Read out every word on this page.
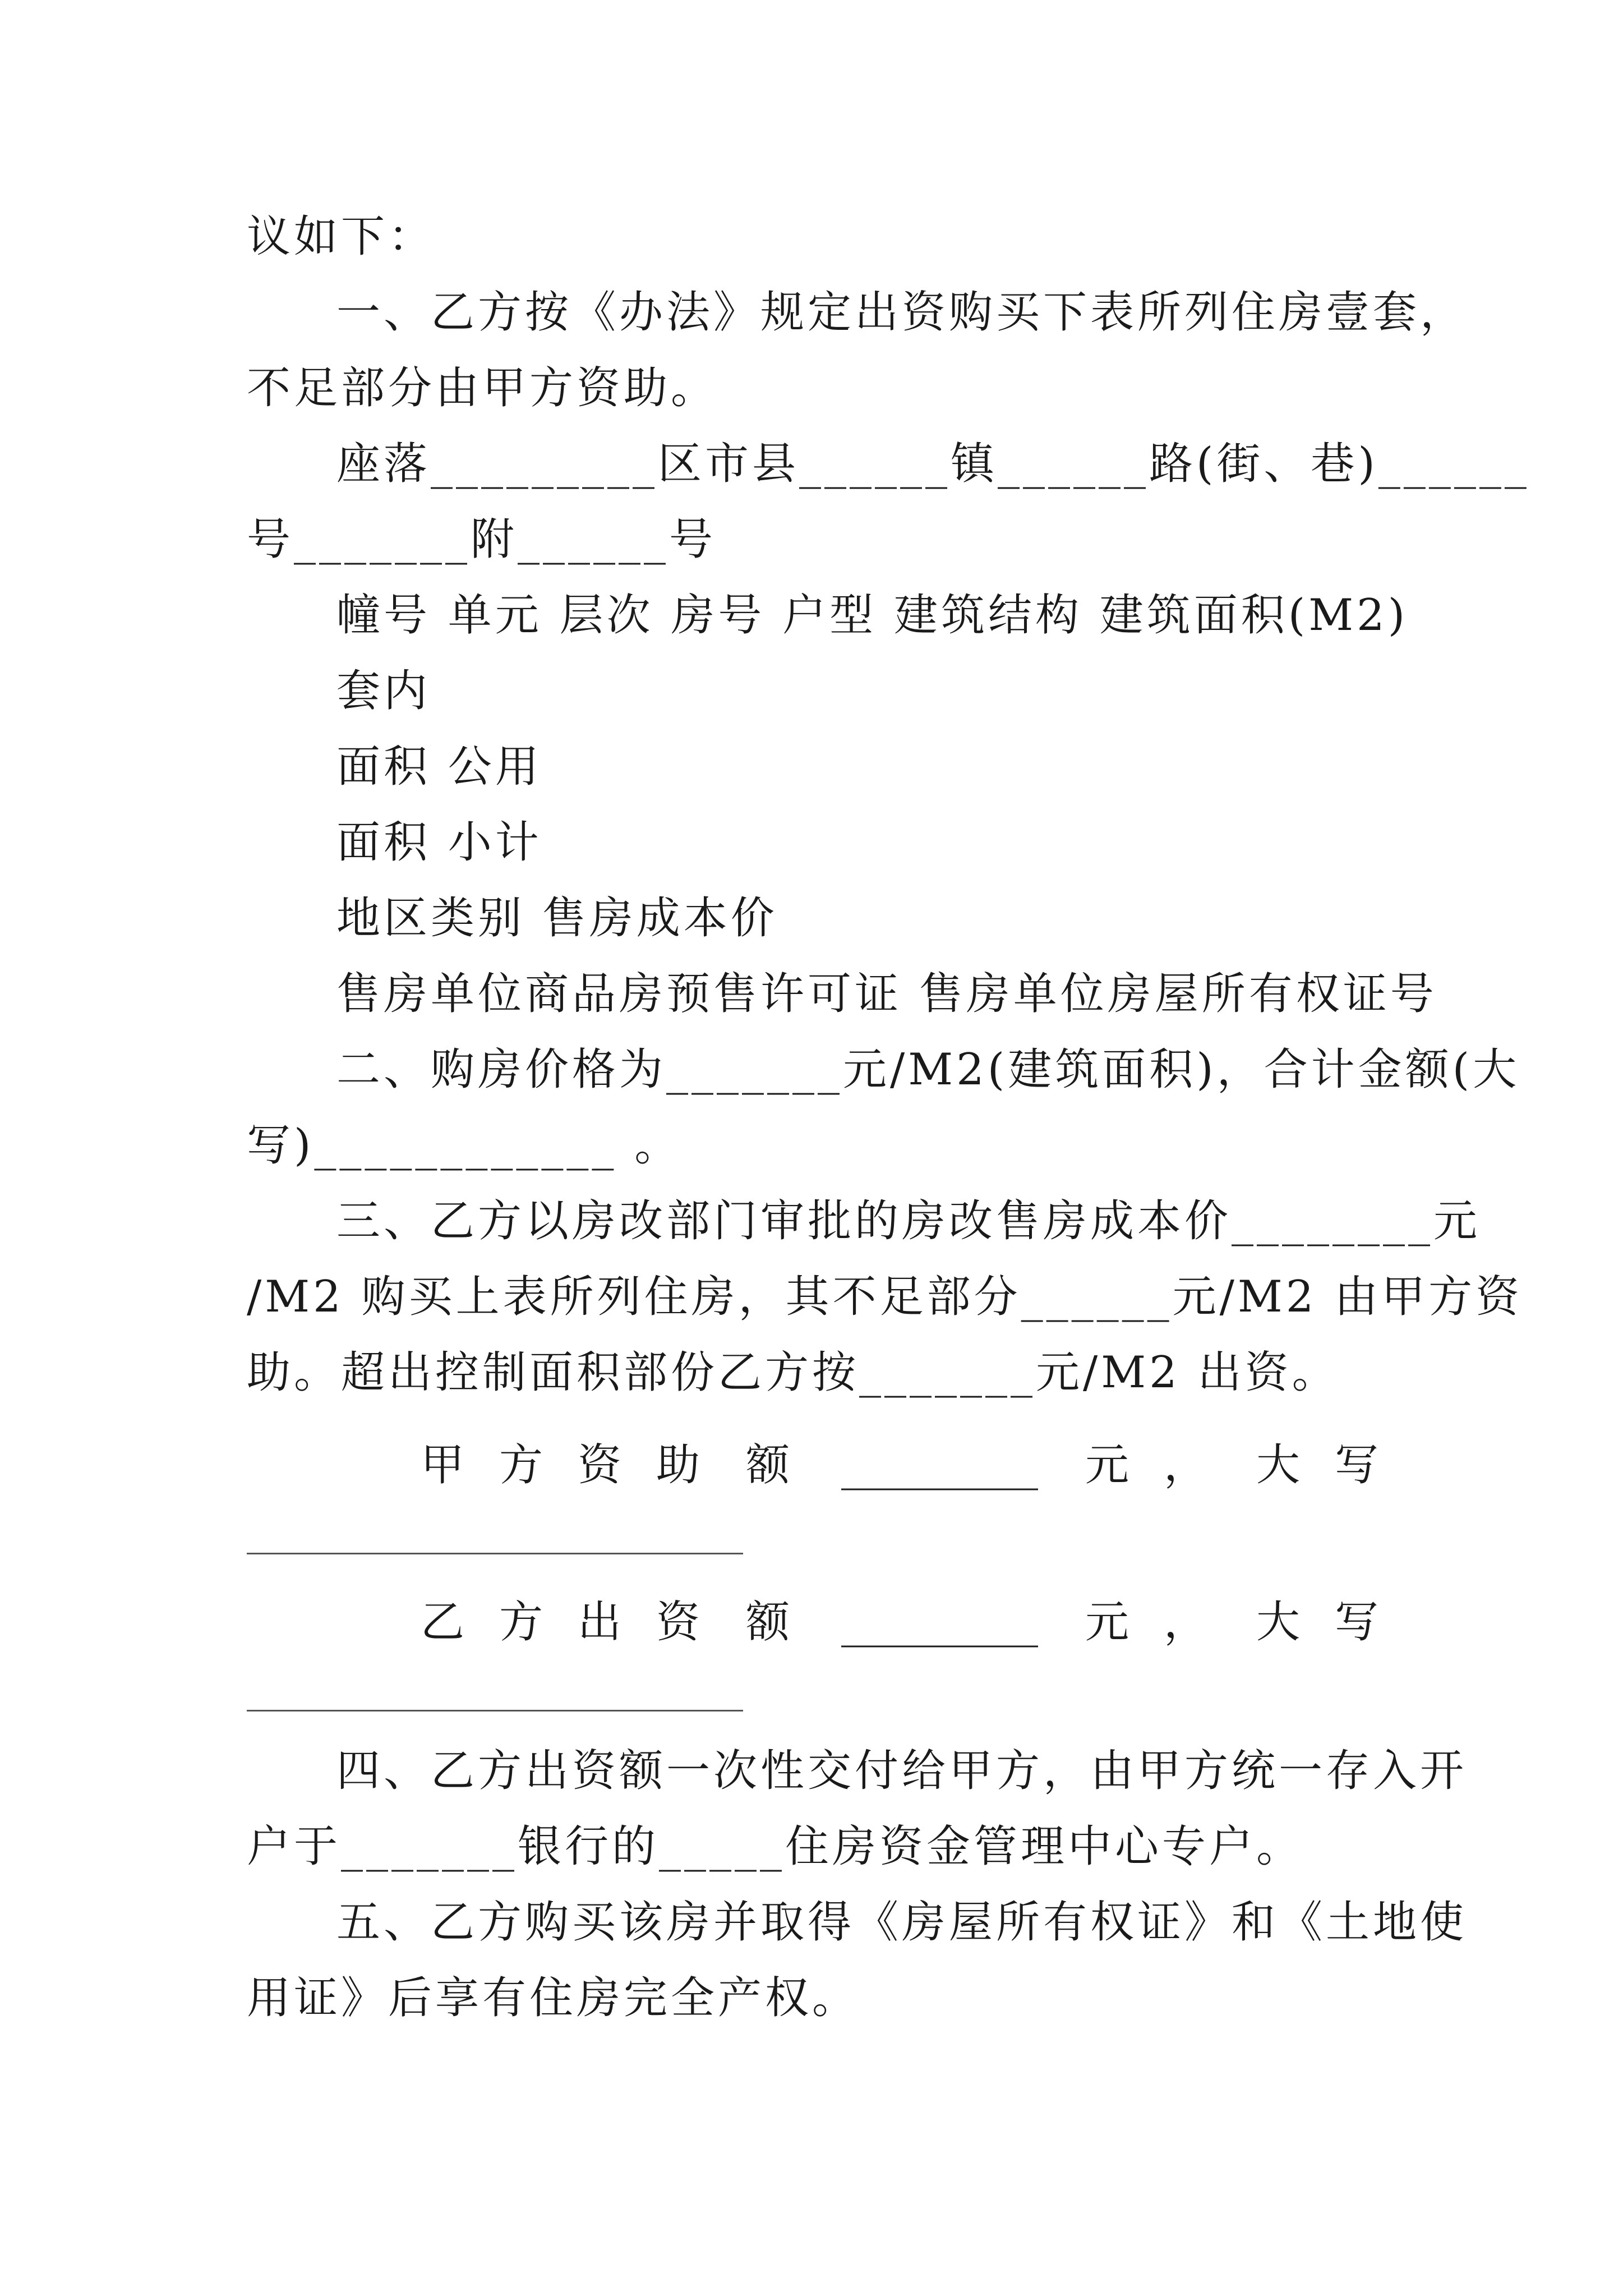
议如下：

一、乙方按《办法》规定出资购买下表所列住房壹套，

不足部分由甲方资助。

座落_________区市县______镇______路(街、巷)______

号_______附______号

幢号 单元 层次 房号 户型 建筑结构 建筑面积(M2)

套内

面积 公用

面积 小计

地区类别 售房成本价

售房单位商品房预售许可证 售房单位房屋所有权证号

二、购房价格为_______元/M2(建筑面积)，合计金额(大

写)____________ 。

三、乙方以房改部门审批的房改售房成本价________元

/M2 购买上表所列住房，其不足部分______元/M2 由甲方资

助。超出控制面积部份乙方按_______元/M2 出资。

甲 方 资 助 额 _________ 元 ， 大 写
乙 方 出 资 额 _________ 元 ， 大 写

四、乙方出资额一次性交付给甲方，由甲方统一存入开

户于_______银行的_____住房资金管理中心专户。

五、乙方购买该房并取得《房屋所有权证》和《土地使

用证》后享有住房完全产权。
